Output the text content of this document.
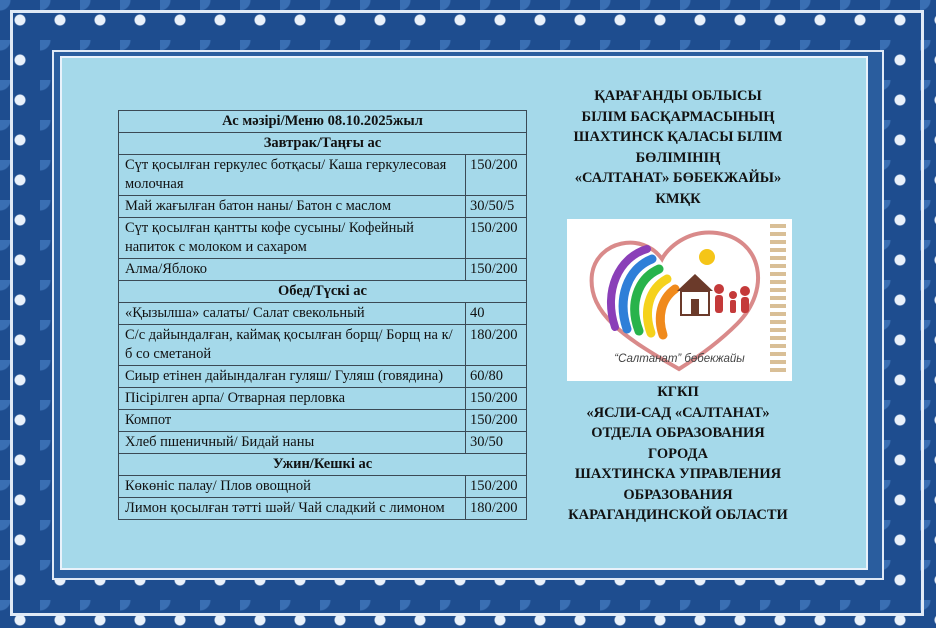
Ас мәзірі/Меню 08.10.2025жыл	
Завтрак/Таңғы ас	
Сүт қосылған геркулес ботқасы/ Каша геркулесовая молочная	150/200
Май жағылған батон наны/ Батон с маслом	30/50/5
Сүт қосылған қантты кофе сусыны/ Кофейный напиток с молоком и сахаром	150/200
Алма/Яблоко	150/200
Обед/Түскі ас	
«Қызылша» салаты/ Салат свекольный	40
С/с дайындалған, каймақ қосылған борщ/ Борщ на к/б со сметаной	180/200
Сиыр етінен дайындалған гуляш/ Гуляш (говядина)	60/80
Пісірілген арпа/ Отварная перловка	150/200
Компот	150/200
Хлеб пшеничный/ Бидай наны	30/50
Ужин/Кешкі ас	
Көкөніс палау/ Плов овощной	150/200
Лимон қосылған тәтті шәй/ Чай сладкий с лимоном	180/200
ҚАРАҒАНДЫ ОБЛЫСЫ
БІЛІМ БАСҚАРМАСЫНЫҢ
ШАХТИНСК ҚАЛАСЫ БІЛІМ
БӨЛІМІНІҢ
«САЛТАНАТ» БӨБЕКЖАЙЫ»
КМҚК
“Салтанат” бөбекжайы
КГКП
«ЯСЛИ-САД «САЛТАНАТ»
ОТДЕЛА ОБРАЗОВАНИЯ
ГОРОДА
ШАХТИНСКА УПРАВЛЕНИЯ
ОБРАЗОВАНИЯ
КАРАГАНДИНСКОЙ ОБЛАСТИ
